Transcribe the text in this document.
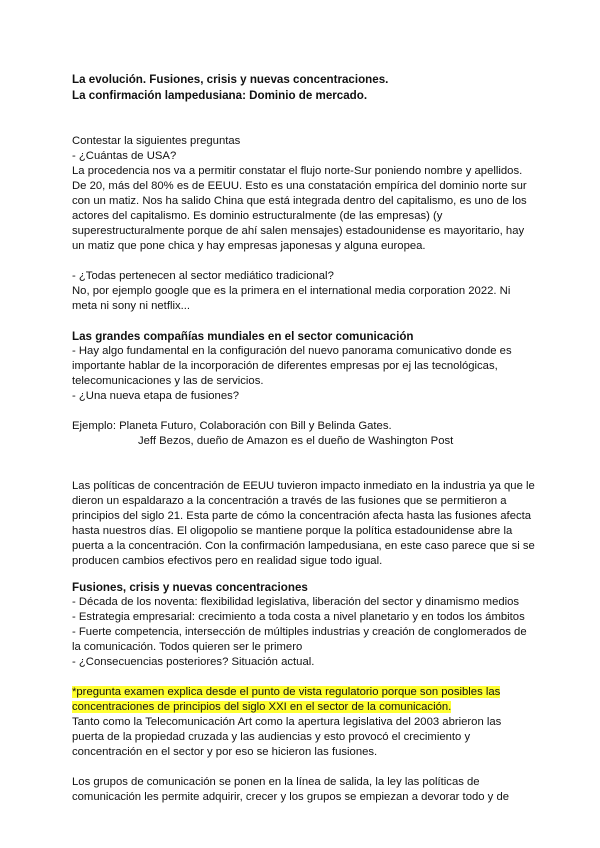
La evolución. Fusiones, crisis y nuevas concentraciones.
La confirmación lampedusiana: Dominio de mercado.
Contestar la siguientes preguntas
- ¿Cuántas de USA?
La procedencia nos va a permitir constatar el flujo norte-Sur poniendo nombre y apellidos.
De 20, más del 80% es de EEUU. Esto es una constatación empírica del dominio norte sur
con un matiz. Nos ha salido China que está integrada dentro del capitalismo, es uno de los
actores del capitalismo. Es dominio estructuralmente (de las empresas) (y
superestructuralmente porque de ahí salen mensajes) estadounidense es mayoritario, hay
un matiz que pone chica y hay empresas japonesas y alguna europea.
- ¿Todas pertenecen al sector mediático tradicional?
No, por ejemplo google que es la primera en el international media corporation 2022. Ni
meta ni sony ni netflix...
Las grandes compañías mundiales en el sector comunicación
- Hay algo fundamental en la configuración del nuevo panorama comunicativo donde es
importante hablar de la incorporación de diferentes empresas por ej las tecnológicas,
telecomunicaciones y las de servicios.
- ¿Una nueva etapa de fusiones?
Ejemplo: Planeta Futuro, Colaboración con Bill y Belinda Gates.
Jeff Bezos, dueño de Amazon es el dueño de Washington Post
Las políticas de concentración de EEUU tuvieron impacto inmediato en la industria ya que le
dieron un espaldarazo a la concentración a través de las fusiones que se permitieron a
principios del siglo 21. Esta parte de cómo la concentración afecta hasta las fusiones afecta
hasta nuestros días. El oligopolio se mantiene porque la política estadounidense abre la
puerta a la concentración. Con la confirmación lampedusiana, en este caso parece que si se
producen cambios efectivos pero en realidad sigue todo igual.
Fusiones, crisis y nuevas concentraciones
- Década de los noventa: flexibilidad legislativa, liberación del sector y dinamismo medios
- Estrategia empresarial: crecimiento a toda costa a nivel planetario y en todos los ámbitos
- Fuerte competencia, intersección de múltiples industrias y creación de conglomerados de
la comunicación. Todos quieren ser le primero
- ¿Consecuencias posteriores? Situación actual.
*pregunta examen explica desde el punto de vista regulatorio porque son posibles las
concentraciones de principios del siglo XXI en el sector de la comunicación.
Tanto como la Telecomunicación Art como la apertura legislativa del 2003 abrieron las
puerta de la propiedad cruzada y las audiencias y esto provocó el crecimiento y
concentración en el sector y por eso se hicieron las fusiones.
Los grupos de comunicación se ponen en la línea de salida, la ley las políticas de
comunicación les permite adquirir, crecer y los grupos se empiezan a devorar todo y de
